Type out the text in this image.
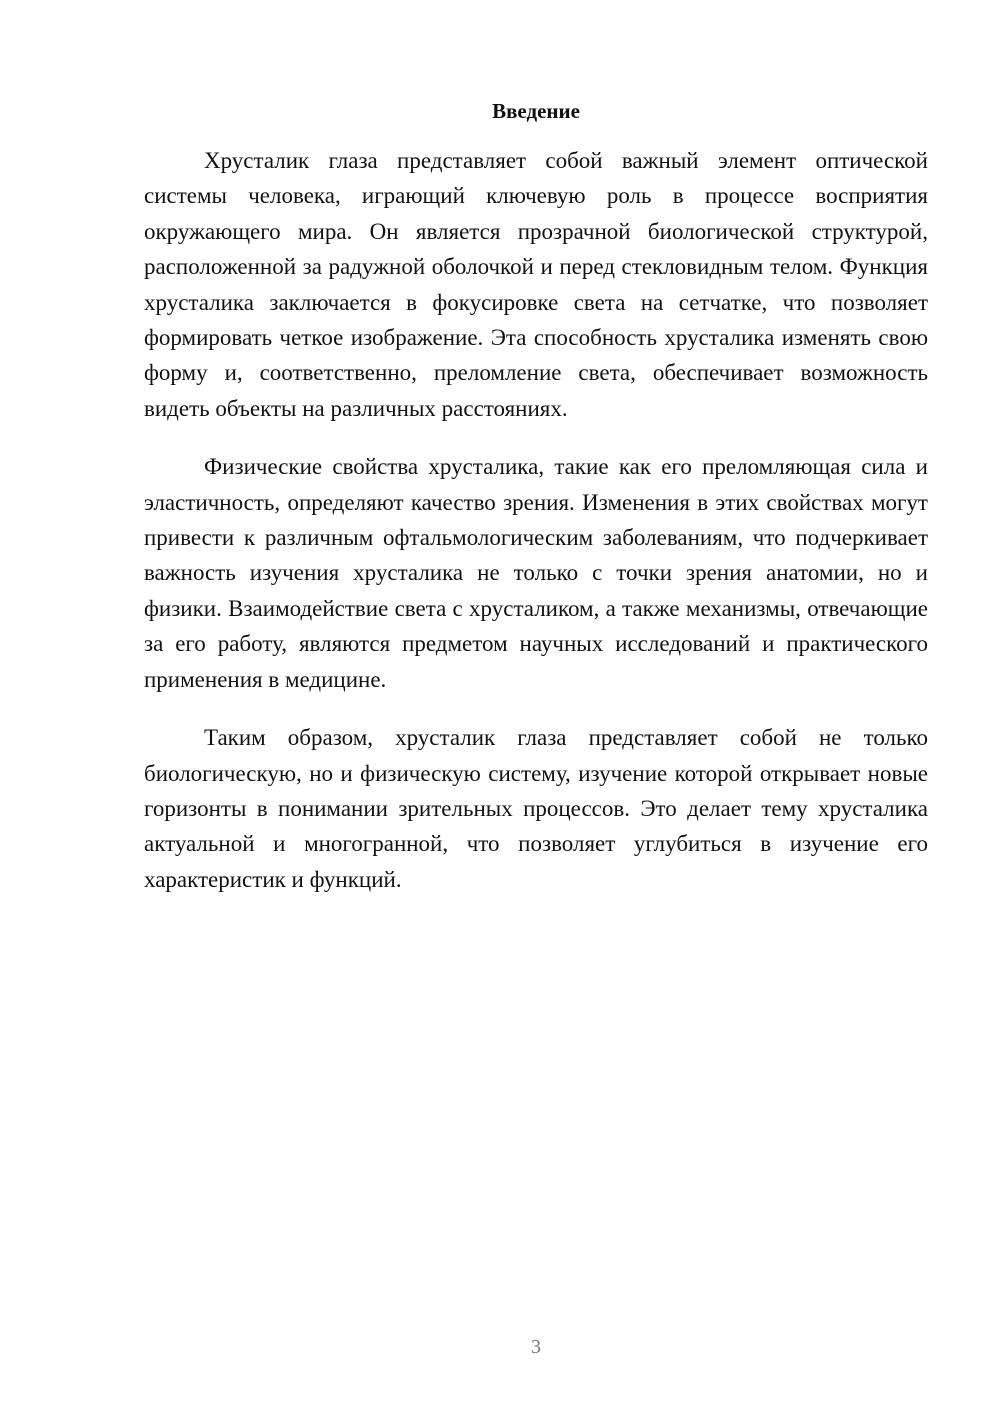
Введение

Хрусталик глаза представляет собой важный элемент оптической системы человека, играющий ключевую роль в процессе восприятия окружающего мира. Он является прозрачной биологической структурой, расположенной за радужной оболочкой и перед стекловидным телом. Функция хрусталика заключается в фокусировке света на сетчатке, что позволяет формировать четкое изображение. Эта способность хрусталика изменять свою форму и, соответственно, преломление света, обеспечивает возможность видеть объекты на различных расстояниях.

Физические свойства хрусталика, такие как его преломляющая сила и эластичность, определяют качество зрения. Изменения в этих свойствах могут привести к различным офтальмологическим заболеваниям, что подчеркивает важность изучения хрусталика не только с точки зрения анатомии, но и физики. Взаимодействие света с хрусталиком, а также механизмы, отвечающие за его работу, являются предметом научных исследований и практического применения в медицине.

Таким образом, хрусталик глаза представляет собой не только биологическую, но и физическую систему, изучение которой открывает новые горизонты в понимании зрительных процессов. Это делает тему хрусталика актуальной и многогранной, что позволяет углубиться в изучение его характеристик и функций.

3
